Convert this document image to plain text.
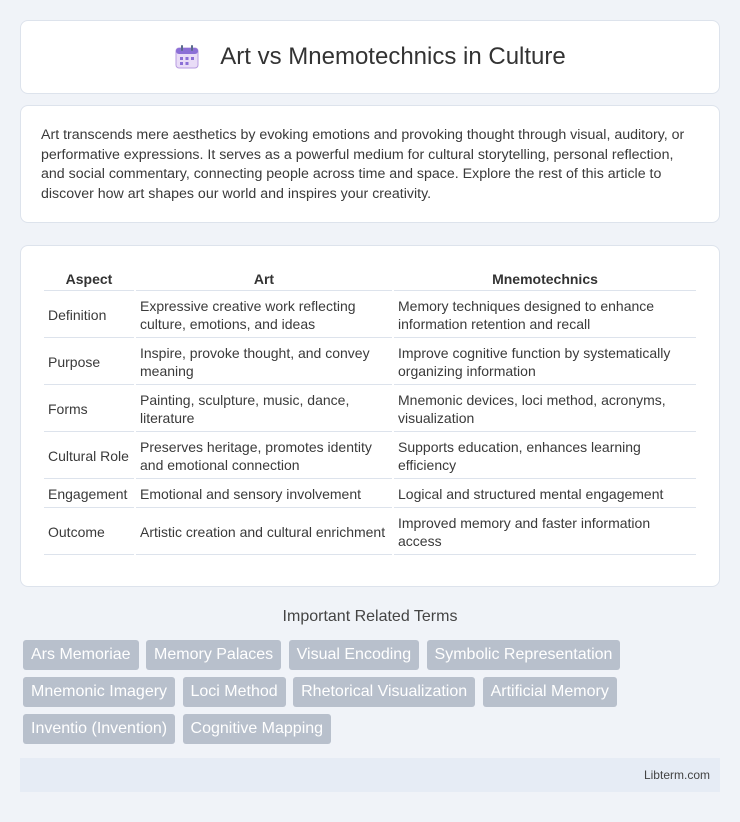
Art vs Mnemotechnics in Culture

Art transcends mere aesthetics by evoking emotions and provoking thought through visual, auditory, or performative expressions. It serves as a powerful medium for cultural storytelling, personal reflection, and social commentary, connecting people across time and space. Explore the rest of this article to discover how art shapes our world and inspires your creativity.

Aspect	Art	Mnemotechnics
Definition	Expressive creative work reflecting culture, emotions, and ideas	Memory techniques designed to enhance information retention and recall
Purpose	Inspire, provoke thought, and convey meaning	Improve cognitive function by systematically organizing information
Forms	Painting, sculpture, music, dance, literature	Mnemonic devices, loci method, acronyms, visualization
Cultural Role	Preserves heritage, promotes identity and emotional connection	Supports education, enhances learning efficiency
Engagement	Emotional and sensory involvement	Logical and structured mental engagement
Outcome	Artistic creation and cultural enrichment	Improved memory and faster information access
Important Related Terms
Ars Memoriae Memory Palaces Visual Encoding Symbolic Representation Mnemonic Imagery Loci Method Rhetorical Visualization Artificial Memory Inventio (Invention) Cognitive Mapping
Libterm.com
